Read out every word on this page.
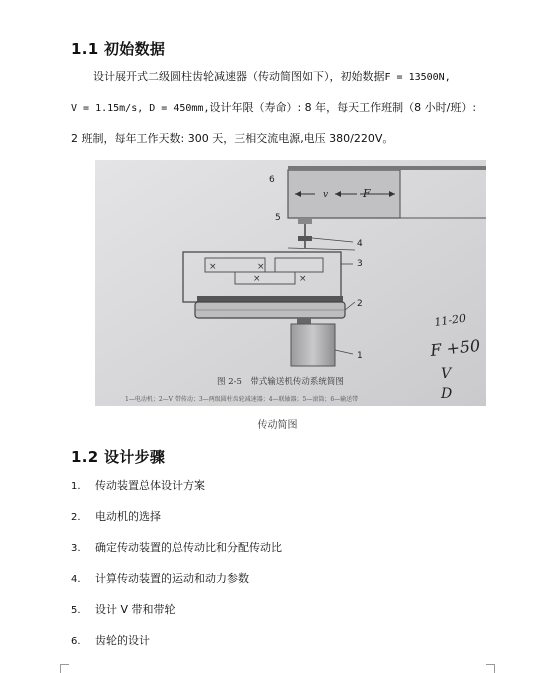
1.1 初始数据
设计展开式二级圆柱齿轮减速器（传动简图如下），初始数据F = 13500N,
V = 1.15m/s, D = 450mm,设计年限（寿命）: 8 年，每天工作班制（8 小时/班）:
2 班制，每年工作天数: 300 天，三相交流电源,电压 380/220V。
v	F
×	×
×	×
6
5
4
3
2
1
图 2-5　带式输送机传动系统简图
1—电动机；2—V 带传动；3—两级圆柱齿轮减速器；4—联轴器；5—滚筒；6—输送带
11-20
F +50
V
D
传动简图
1.2 设计步骤
1. 传动装置总体设计方案
2. 电动机的选择
3. 确定传动装置的总传动比和分配传动比
4. 计算传动装置的运动和动力参数
5. 设计 V 带和带轮
6. 齿轮的设计
